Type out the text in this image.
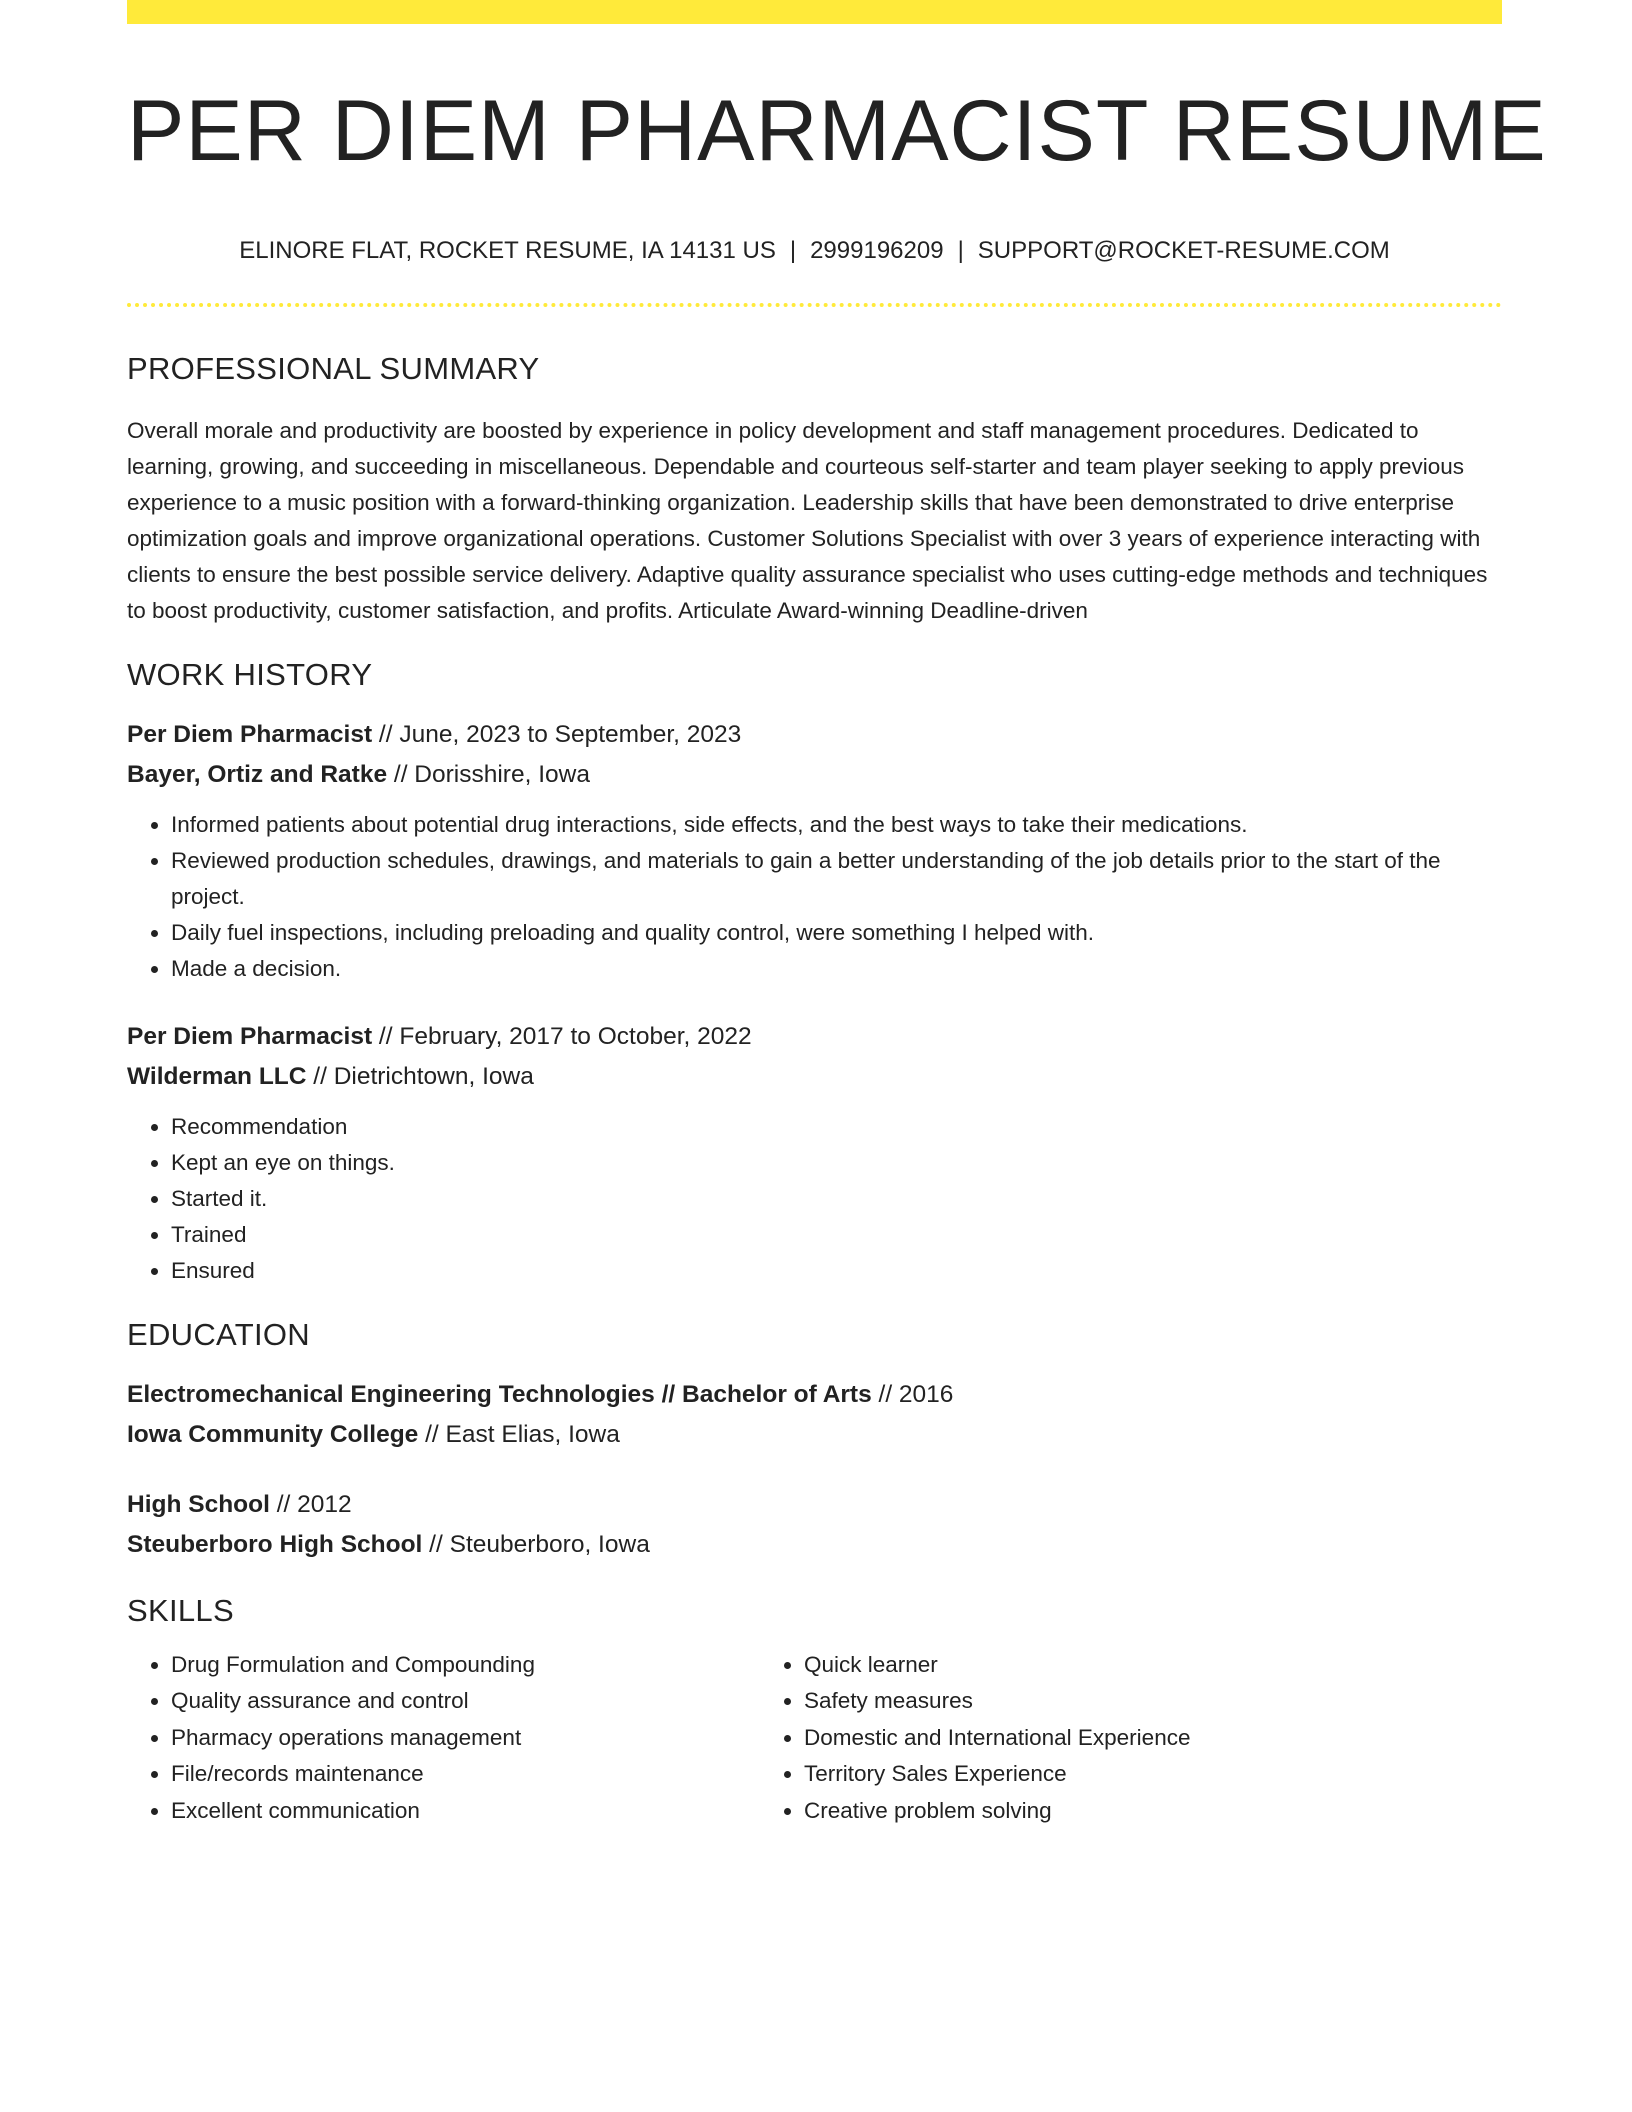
PER DIEM PHARMACIST RESUME
ELINORE FLAT, ROCKET RESUME, IA 14131 US | 2999196209 | SUPPORT@ROCKET-RESUME.COM
PROFESSIONAL SUMMARY
Overall morale and productivity are boosted by experience in policy development and staff management procedures. Dedicated to learning, growing, and succeeding in miscellaneous. Dependable and courteous self-starter and team player seeking to apply previous experience to a music position with a forward-thinking organization. Leadership skills that have been demonstrated to drive enterprise optimization goals and improve organizational operations. Customer Solutions Specialist with over 3 years of experience interacting with clients to ensure the best possible service delivery. Adaptive quality assurance specialist who uses cutting-edge methods and techniques to boost productivity, customer satisfaction, and profits. Articulate Award-winning Deadline-driven
WORK HISTORY
Per Diem Pharmacist // June, 2023 to September, 2023
Bayer, Ortiz and Ratke // Dorisshire, Iowa
• Informed patients about potential drug interactions, side effects, and the best ways to take their medications.
• Reviewed production schedules, drawings, and materials to gain a better understanding of the job details prior to the start of the project.
• Daily fuel inspections, including preloading and quality control, were something I helped with.
• Made a decision.
Per Diem Pharmacist // February, 2017 to October, 2022
Wilderman LLC // Dietrichtown, Iowa
• Recommendation
• Kept an eye on things.
• Started it.
• Trained
• Ensured
EDUCATION
Electromechanical Engineering Technologies // Bachelor of Arts // 2016
Iowa Community College // East Elias, Iowa
High School // 2012
Steuberboro High School // Steuberboro, Iowa
SKILLS
• Drug Formulation and Compounding
• Quality assurance and control
• Pharmacy operations management
• File/records maintenance
• Excellent communication
• Quick learner
• Safety measures
• Domestic and International Experience
• Territory Sales Experience
• Creative problem solving
